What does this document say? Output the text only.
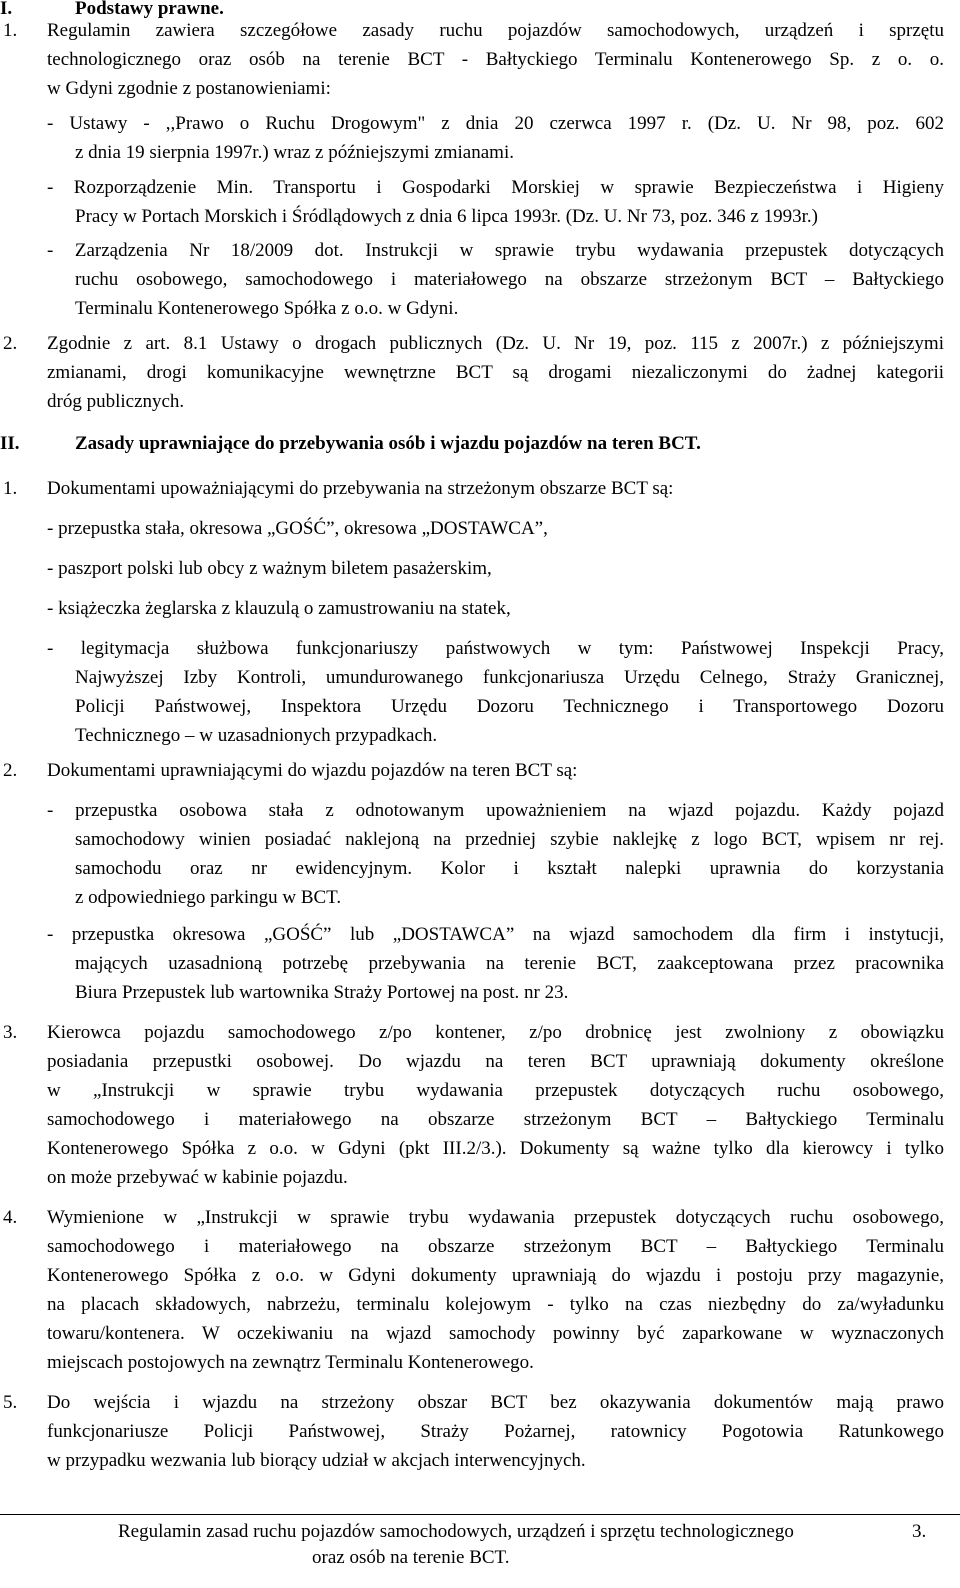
I.	Podstawy prawne.
1. Regulamin zawiera szczegółowe zasady ruchu pojazdów samochodowych, urządzeń i sprzętu
technologicznego oraz osób na terenie BCT - Bałtyckiego Terminalu Kontenerowego Sp. z o. o.
w Gdyni zgodnie z postanowieniami:
- Ustawy - ,,Prawo o Ruchu Drogowym" z dnia 20 czerwca 1997 r. (Dz. U. Nr 98, poz. 602
z dnia 19 sierpnia 1997r.) wraz z późniejszymi zmianami.
- Rozporządzenie Min. Transportu i Gospodarki Morskiej w sprawie Bezpieczeństwa i Higieny
Pracy w Portach Morskich i Śródlądowych z dnia 6 lipca 1993r. (Dz. U. Nr 73, poz. 346 z 1993r.)
- Zarządzenia Nr 18/2009 dot. Instrukcji w sprawie trybu wydawania przepustek dotyczących
ruchu osobowego, samochodowego i materiałowego na obszarze strzeżonym BCT – Bałtyckiego
Terminalu Kontenerowego Spółka z o.o. w Gdyni.
2. Zgodnie z art. 8.1 Ustawy o drogach publicznych (Dz. U. Nr 19, poz. 115 z 2007r.) z późniejszymi
zmianami, drogi komunikacyjne wewnętrzne BCT są drogami niezaliczonymi do żadnej kategorii
dróg publicznych.
II.	Zasady uprawniające do przebywania osób i wjazdu pojazdów na teren BCT.
1. Dokumentami upoważniającymi do przebywania na strzeżonym obszarze BCT są:
- przepustka stała, okresowa „GOŚĆ”, okresowa „DOSTAWCA”,
- paszport polski lub obcy z ważnym biletem pasażerskim,
- książeczka żeglarska z klauzulą o zamustrowaniu na statek,
- legitymacja służbowa funkcjonariuszy państwowych w tym: Państwowej Inspekcji Pracy,
Najwyższej Izby Kontroli, umundurowanego funkcjonariusza Urzędu Celnego, Straży Granicznej,
Policji Państwowej, Inspektora Urzędu Dozoru Technicznego i Transportowego Dozoru
Technicznego – w uzasadnionych przypadkach.
2. Dokumentami uprawniającymi do wjazdu pojazdów na teren BCT są:
- przepustka osobowa stała z odnotowanym upoważnieniem na wjazd pojazdu. Każdy pojazd
samochodowy winien posiadać naklejoną na przedniej szybie naklejkę z logo BCT, wpisem nr rej.
samochodu oraz nr ewidencyjnym. Kolor i kształt nalepki uprawnia do korzystania
z odpowiedniego parkingu w BCT.
- przepustka okresowa „GOŚĆ” lub „DOSTAWCA” na wjazd samochodem dla firm i instytucji,
mających uzasadnioną potrzebę przebywania na terenie BCT, zaakceptowana przez pracownika
Biura Przepustek lub wartownika Straży Portowej na post. nr 23.
3. Kierowca pojazdu samochodowego z/po kontener, z/po drobnicę jest zwolniony z obowiązku
posiadania przepustki osobowej. Do wjazdu na teren BCT uprawniają dokumenty określone
w „Instrukcji w sprawie trybu wydawania przepustek dotyczących ruchu osobowego,
samochodowego i materiałowego na obszarze strzeżonym BCT – Bałtyckiego Terminalu
Kontenerowego Spółka z o.o. w Gdyni (pkt III.2/3.). Dokumenty są ważne tylko dla kierowcy i tylko
on może przebywać w kabinie pojazdu.
4. Wymienione w „Instrukcji w sprawie trybu wydawania przepustek dotyczących ruchu osobowego,
samochodowego i materiałowego na obszarze strzeżonym BCT – Bałtyckiego Terminalu
Kontenerowego Spółka z o.o. w Gdyni dokumenty uprawniają do wjazdu i postoju przy magazynie,
na placach składowych, nabrzeżu, terminalu kolejowym - tylko na czas niezbędny do za/wyładunku
towaru/kontenera. W oczekiwaniu na wjazd samochody powinny być zaparkowane w wyznaczonych
miejscach postojowych na zewnątrz Terminalu Kontenerowego.
5. Do wejścia i wjazdu na strzeżony obszar BCT bez okazywania dokumentów mają prawo
funkcjonariusze Policji Państwowej, Straży Pożarnej, ratownicy Pogotowia Ratunkowego
w przypadku wezwania lub biorący udział w akcjach interwencyjnych.
Regulamin zasad ruchu pojazdów samochodowych, urządzeń i sprzętu technologicznego
oraz osób na terenie BCT.
3.
